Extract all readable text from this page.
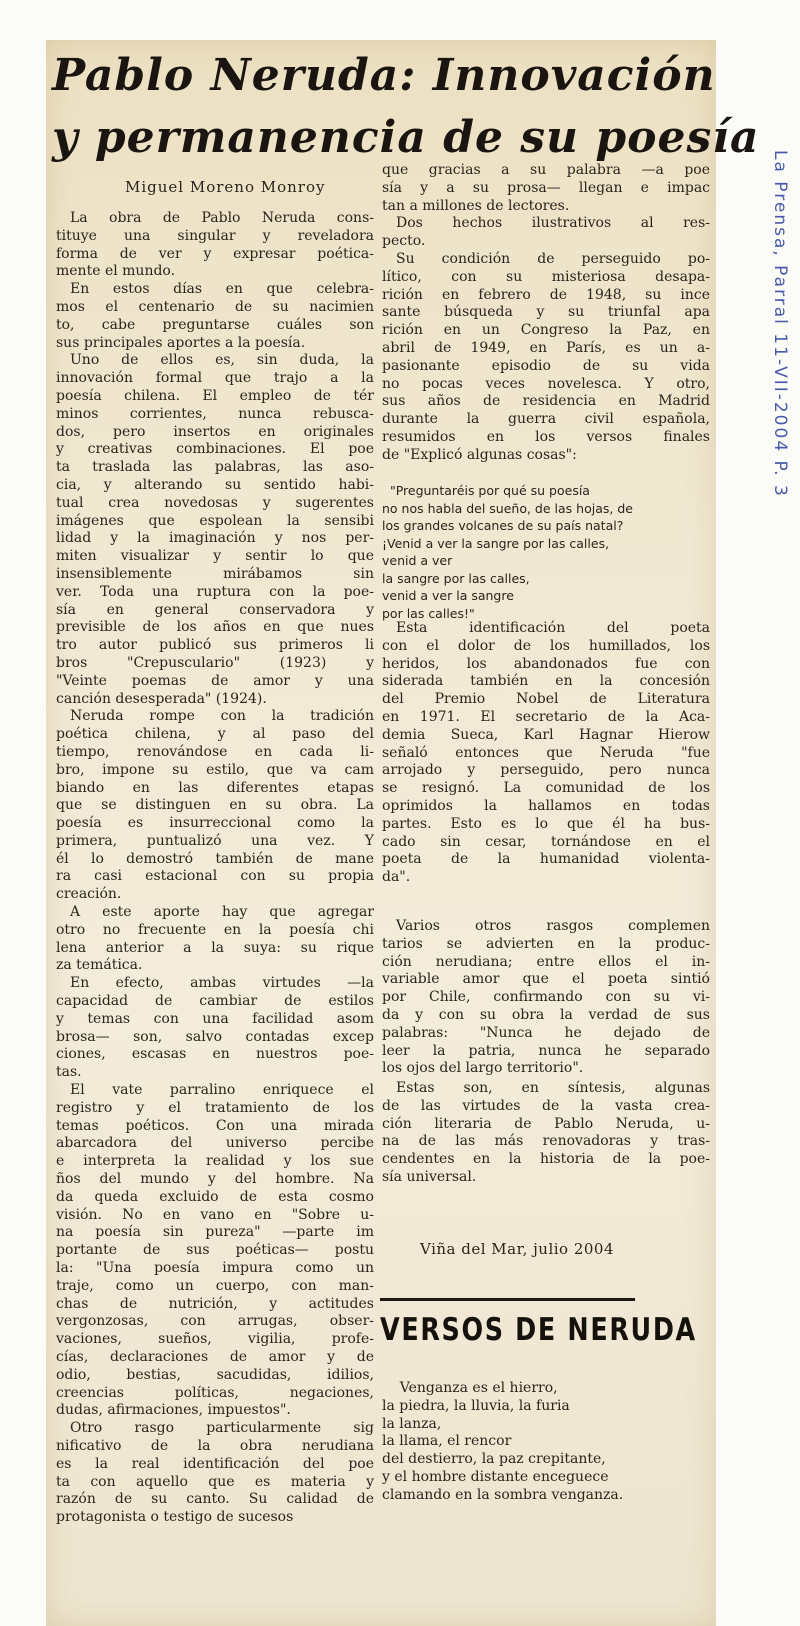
Pablo Neruda: Innovación
y permanencia de su poesía
Miguel Moreno Monroy
La obra de Pablo Neruda cons-
tituye una singular y reveladora
forma de ver y expresar poética-
mente el mundo.
En estos días en que celebra-
mos el centenario de su nacimien
to, cabe preguntarse cuáles son
sus principales aportes a la poesía.
Uno de ellos es, sin duda, la
innovación formal que trajo a la
poesía chilena. El empleo de tér
minos corrientes, nunca rebusca-
dos, pero insertos en originales
y creativas combinaciones. El poe
ta traslada las palabras, las aso-
cia, y alterando su sentido habi-
tual crea novedosas y sugerentes
imágenes que espolean la sensibi
lidad y la imaginación y nos per-
miten visualizar y sentir lo que
insensiblemente mirábamos sin
ver. Toda una ruptura con la poe-
sía en general conservadora y
previsible de los años en que nues
tro autor publicó sus primeros li
bros "Crepusculario" (1923) y
"Veinte poemas de amor y una
canción desesperada" (1924).
Neruda rompe con la tradición
poética chilena, y al paso del
tiempo, renovándose en cada li-
bro, impone su estilo, que va cam
biando en las diferentes etapas
que se distinguen en su obra. La
poesía es insurreccional como la
primera, puntualizó una vez. Y
él lo demostró también de mane
ra casi estacional con su propia
creación.
A este aporte hay que agregar
otro no frecuente en la poesía chi
lena anterior a la suya: su rique
za temática.
En efecto, ambas virtudes —la
capacidad de cambiar de estilos
y temas con una facilidad asom
brosa— son, salvo contadas excep
ciones, escasas en nuestros poe-
tas.
El vate parralino enriquece el
registro y el tratamiento de los
temas poéticos. Con una mirada
abarcadora del universo percibe
e interpreta la realidad y los sue
ños del mundo y del hombre. Na
da queda excluido de esta cosmo
visión. No en vano en "Sobre u-
na poesía sin pureza" —parte im
portante de sus poéticas— postu
la: "Una poesía impura como un
traje, como un cuerpo, con man-
chas de nutrición, y actitudes
vergonzosas, con arrugas, obser-
vaciones, sueños, vigilia, profe-
cías, declaraciones de amor y de
odio, bestias, sacudidas, idilios,
creencias políticas, negaciones,
dudas, afirmaciones, impuestos".
Otro rasgo particularmente sig
nificativo de la obra nerudiana
es la real identificación del poe
ta con aquello que es materia y
razón de su canto. Su calidad de
protagonista o testigo de sucesos
que gracias a su palabra —a poe
sía y a su prosa— llegan e impac
tan a millones de lectores.
Dos hechos ilustrativos al res-
pecto.
Su condición de perseguido po-
lítico, con su misteriosa desapa-
rición en febrero de 1948, su ince
sante búsqueda y su triunfal apa
rición en un Congreso la Paz, en
abril de 1949, en París, es un a-
pasionante episodio de su vida
no pocas veces novelesca. Y otro,
sus años de residencia en Madrid
durante la guerra civil española,
resumidos en los versos finales
de "Explicó algunas cosas":
"Preguntaréis por qué su poesía
no nos habla del sueño, de las hojas, de
los grandes volcanes de su país natal?
¡Venid a ver la sangre por las calles,
venid a ver
la sangre por las calles,
venid a ver la sangre
por las calles!"
Esta identificación del poeta
con el dolor de los humillados, los
heridos, los abandonados fue con
siderada también en la concesión
del Premio Nobel de Literatura
en 1971. El secretario de la Aca-
demia Sueca, Karl Hagnar Hierow
señaló entonces que Neruda "fue
arrojado y perseguido, pero nunca
se resignó. La comunidad de los
oprimidos la hallamos en todas
partes. Esto es lo que él ha bus-
cado sin cesar, tornándose en el
poeta de la humanidad violenta-
da".
Varios otros rasgos complemen
tarios se advierten en la produc-
ción nerudiana; entre ellos el in-
variable amor que el poeta sintió
por Chile, confirmando con su vi-
da y con su obra la verdad de sus
palabras: "Nunca he dejado de
leer la patria, nunca he separado
los ojos del largo territorio".
Estas son, en síntesis, algunas
de las virtudes de la vasta crea-
ción literaria de Pablo Neruda, u-
na de las más renovadoras y tras-
cendentes en la historia de la poe-
sía universal.
Viña del Mar, julio 2004
VERSOS DE NERUDA
Venganza es el hierro,
la piedra, la lluvia, la furia
la lanza,
la llama, el rencor
del destierro, la paz crepitante,
y el hombre distante enceguece
clamando en la sombra venganza.
La Prensa, Parral 11-VII-2004 P. 3
